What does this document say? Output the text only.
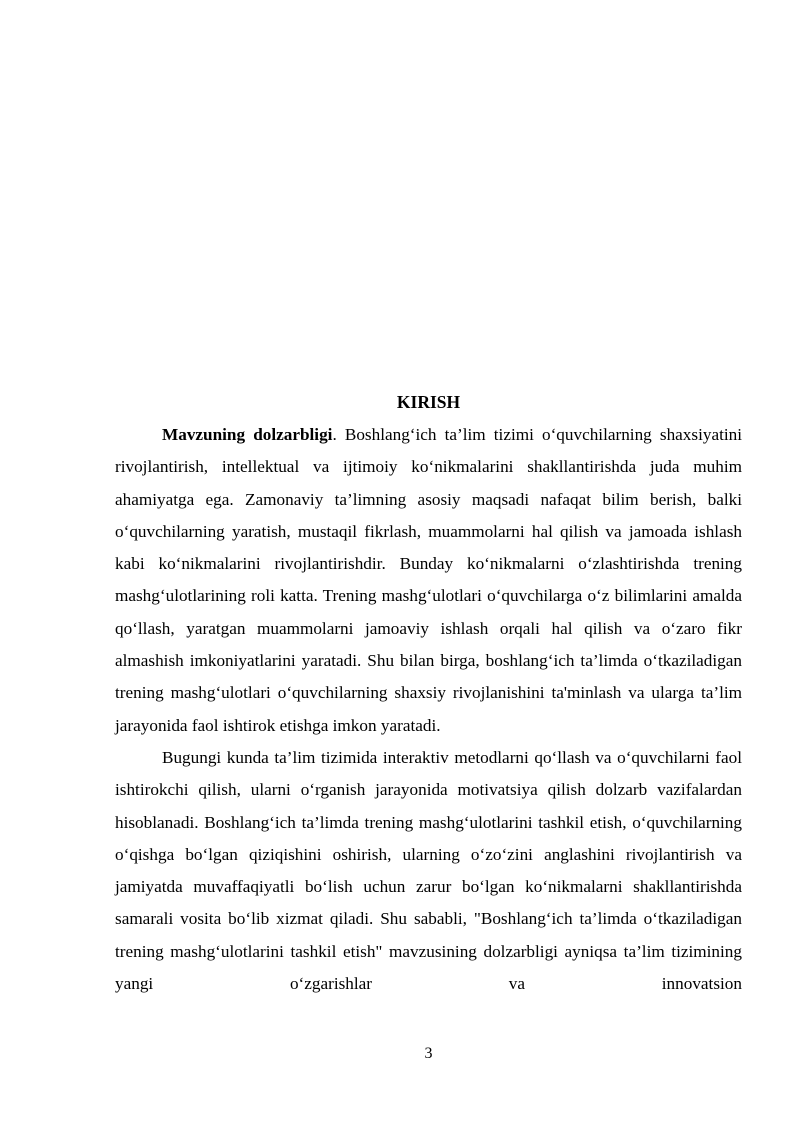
KIRISH

Mavzuning dolzarbligi. Boshlang‘ich ta’lim tizimi o‘quvchilarning shaxsiyatini rivojlantirish, intellektual va ijtimoiy ko‘nikmalarini shakllantirishda juda muhim ahamiyatga ega. Zamonaviy ta’limning asosiy maqsadi nafaqat bilim berish, balki o‘quvchilarning yaratish, mustaqil fikrlash, muammolarni hal qilish va jamoada ishlash kabi ko‘nikmalarini rivojlantirishdir. Bunday ko‘nikmalarni o‘zlashtirishda trening mashg‘ulotlarining roli katta. Trening mashg‘ulotlari o‘quvchilarga o‘z bilimlarini amalda qo‘llash, yaratgan muammolarni jamoaviy ishlash orqali hal qilish va o‘zaro fikr almashish imkoniyatlarini yaratadi. Shu bilan birga, boshlang‘ich ta’limda o‘tkaziladigan trening mashg‘ulotlari o‘quvchilarning shaxsiy rivojlanishini ta'minlash va ularga ta’lim jarayonida faol ishtirok etishga imkon yaratadi.

Bugungi kunda ta’lim tizimida interaktiv metodlarni qo‘llash va o‘quvchilarni faol ishtirokchi qilish, ularni o‘rganish jarayonida motivatsiya qilish dolzarb vazifalardan hisoblanadi. Boshlang‘ich ta’limda trening mashg‘ulotlarini tashkil etish, o‘quvchilarning o‘qishga bo‘lgan qiziqishini oshirish, ularning o‘zo‘zini anglashini rivojlantirish va jamiyatda muvaffaqiyatli bo‘lish uchun zarur bo‘lgan ko‘nikmalarni shakllantirishda samarali vosita bo‘lib xizmat qiladi. Shu sababli, "Boshlang‘ich ta’limda o‘tkaziladigan trening mashg‘ulotlarini tashkil etish" mavzusining dolzarbligi ayniqsa ta’lim tizimining yangi o‘zgarishlar va innovatsion

3
